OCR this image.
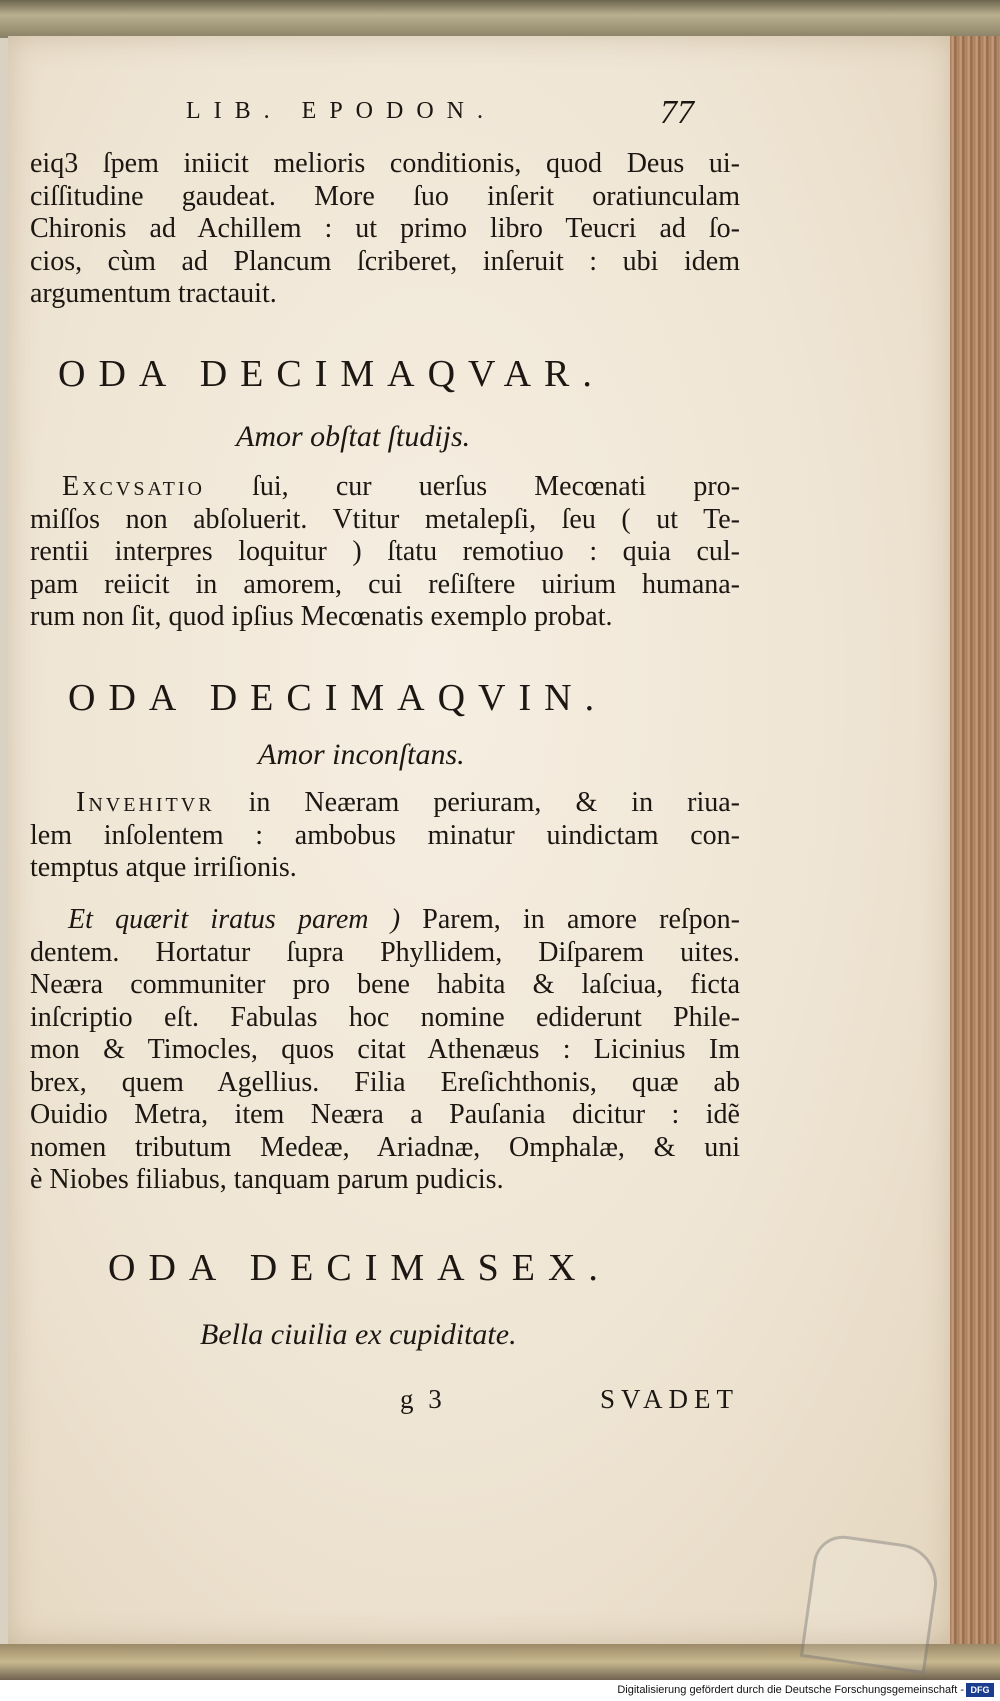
LIB. EPODON.	77

eiq3 ſpem iniicit melioris conditionis, quod Deus ui-
ciſſitudine gaudeat. More ſuo inſerit oratiunculam
Chironis ad Achillem : ut primo libro Teucri ad ſo-
cios, cùm ad Plancum ſcriberet, inſeruit : ubi idem
argumentum tractauit.

ODA DECIMAQVAR.
Amor obſtat ſtudijs.

Excvsatio ſui, cur uerſus Mecœnati pro-

miſſos non abſoluerit. Vtitur metalepſi, ſeu ( ut Te-
rentii interpres loquitur ) ſtatu remotiuo : quia cul-
pam reiicit in amorem, cui reſiſtere uirium humana-
rum non ſit, quod ipſius Mecœnatis exemplo probat.

ODA DECIMAQVIN.
Amor inconſtans.

Invehitvr in Neæram periuram, & in riua-

lem inſolentem : ambobus minatur uindictam con-
temptus atque irriſionis.

Et quærit iratus parem ) Parem, in amore reſpon-

dentem. Hortatur ſupra Phyllidem, Diſparem uites.
Neæra communiter pro bene habita & laſciua, ficta
inſcriptio eſt. Fabulas hoc nomine ediderunt Phile-
mon & Timocles, quos citat Athenæus : Licinius Im
brex, quem Agellius. Filia Ereſichthonis, quæ ab
Ouidio Metra, item Neæra a Pauſania dicitur : idẽ
nomen tributum Medeæ, Ariadnæ, Omphalæ, & uni
è Niobes filiabus, tanquam parum pudicis.

ODA DECIMASEX.
Bella ciuilia ex cupiditate.
g 3	SVADET
Digitalisierung gefördert durch die Deutsche Forschungsgemeinschaft - DFG
